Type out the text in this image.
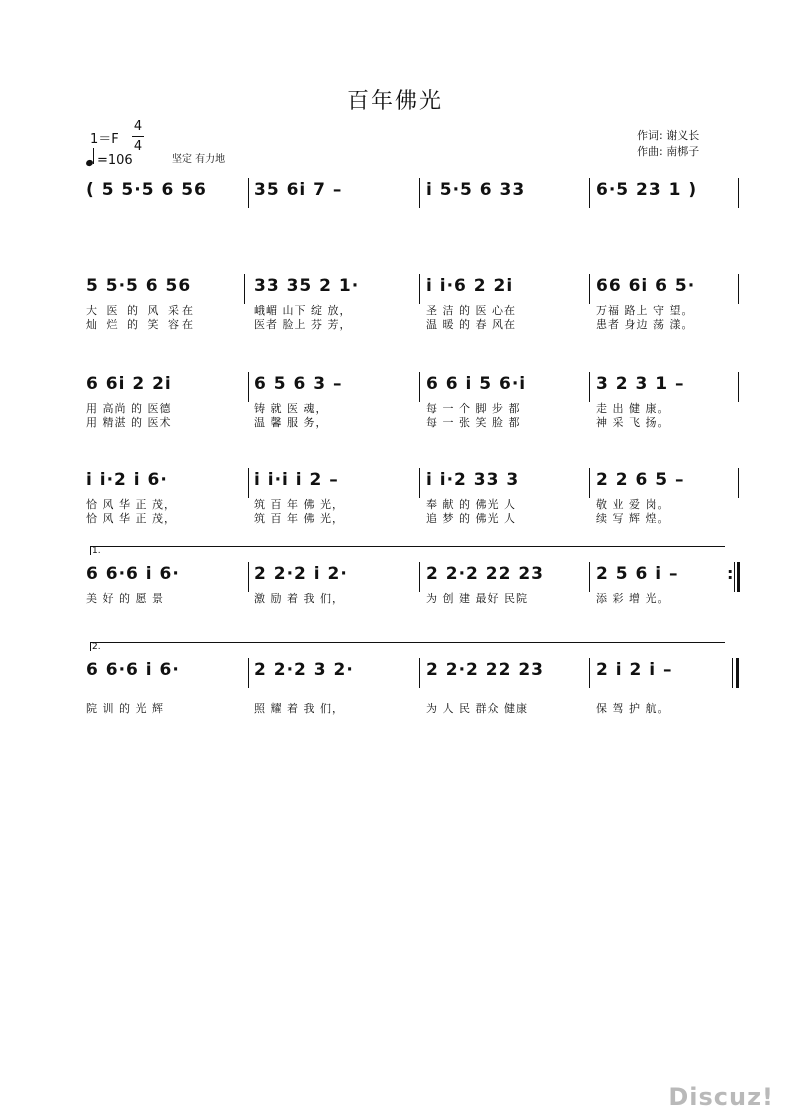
百年佛光
1＝F
4
4
=106	坚定 有力地
作词: 谢义长
作曲: 南梆子
( 5 5·5 6 56	35 6i 7 –	i 5·5 6 33	6·5 23 1 )
5 5·5 6 56
大 医 的 风 采在
灿 烂 的 笑 容在
33 35 2 1·
峨嵋 山下 绽 放，
医者 脸上 芬 芳，
i i·6 2 2i
圣 洁 的 医 心在
温 暖 的 春 风在
66 6i 6 5·
万福 路上 守 望。
患者 身边 荡 漾。
6 6i 2 2i
用 高尚 的 医德
用 精湛 的 医术
6 5 6 3 –
铸 就 医 魂，
温 馨 服 务，
6 6 i 5 6·i
每 一 个 脚 步 都
每 一 张 笑 脸 都
3 2 3 1 –
走 出 健 康。
神 采 飞 扬。
i i·2 i 6·
恰 风 华 正 茂，
恰 风 华 正 茂，
i i·i i 2 –
筑 百 年 佛 光，
筑 百 年 佛 光，
i i·2 33 3
奉 献 的 佛光 人
追 梦 的 佛光 人
2 2 6 5 –
敬 业 爱 岗。
续 写 辉 煌。
1.
6 6·6 i 6·
美 好 的 愿 景
2 2·2 i 2·
激 励 着 我 们，
2 2·2 22 23
为 创 建 最好 民院
2 5 6 i –
添 彩 增 光。
:
2.
6 6·6 i 6·
院 训 的 光 辉
2 2·2 3 2·
照 耀 着 我 们，
2 2·2 22 23
为 人 民 群众 健康
2 i 2 i –
保 驾 护 航。
Discuz!
